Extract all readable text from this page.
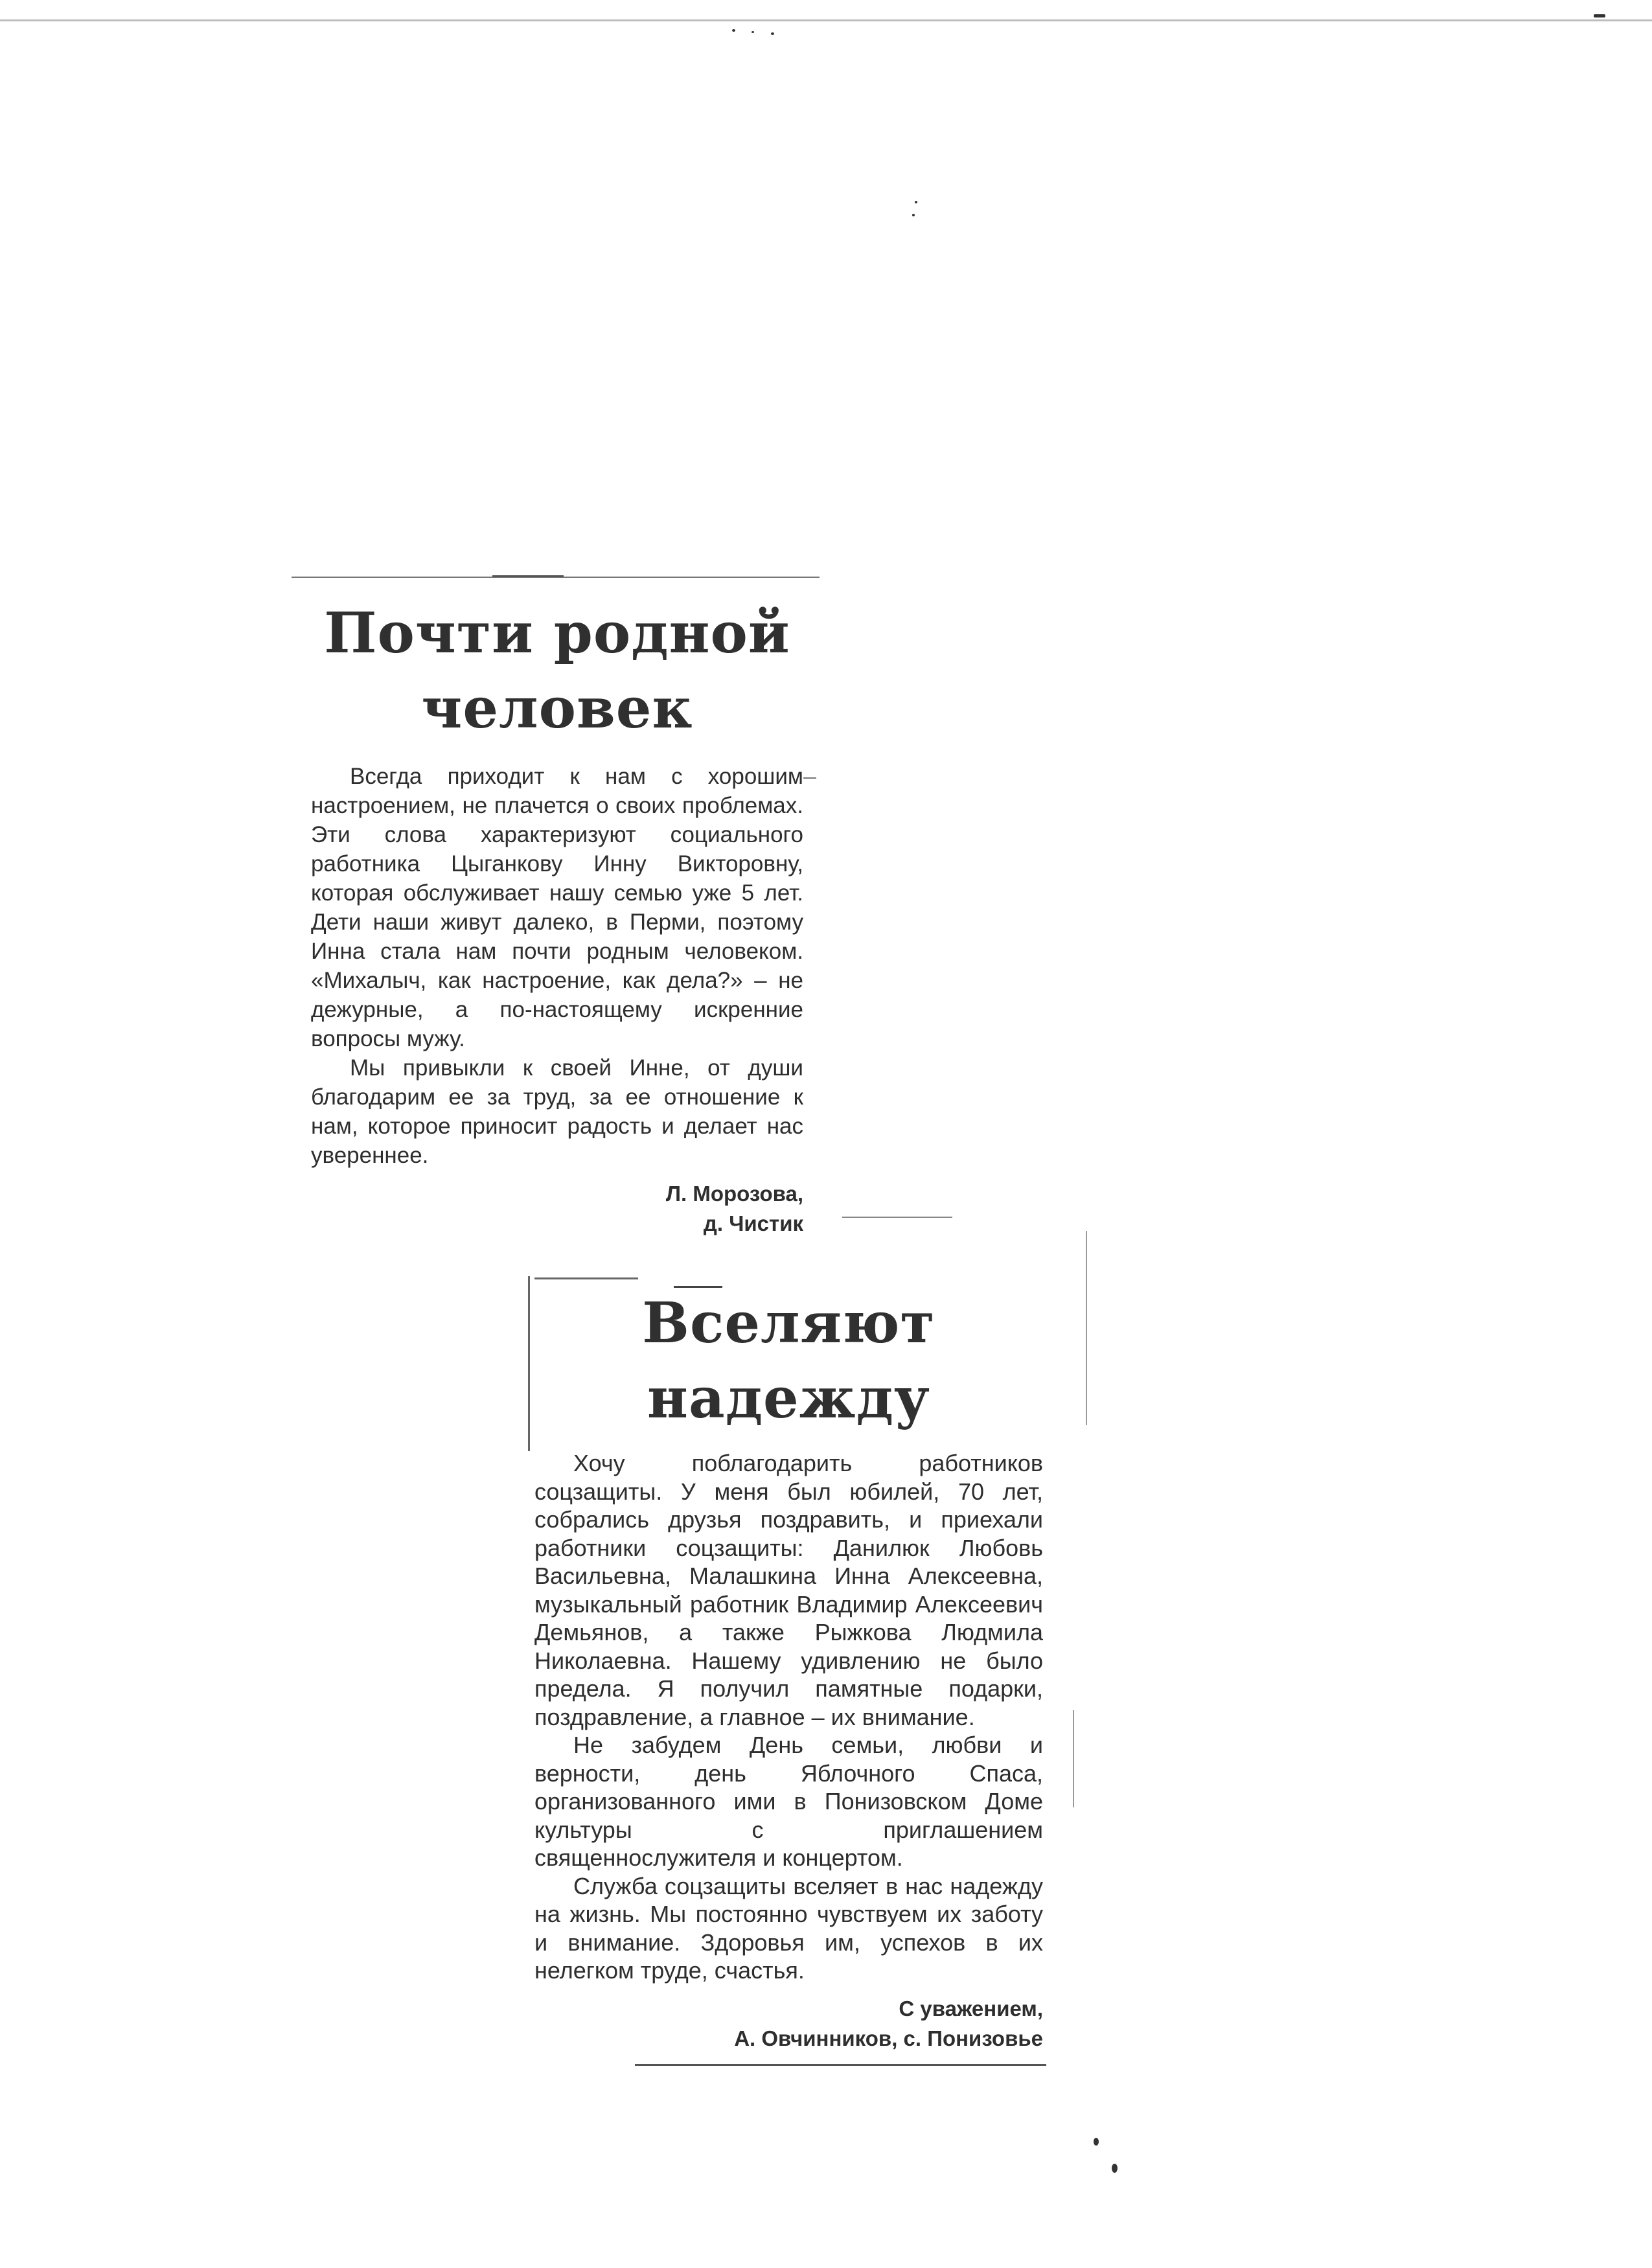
Почти родной
человек

Всегда приходит к нам с хорошим настроением, не плачется о своих проблемах. Эти слова характеризуют социального работника Цыганкову Инну Викторовну, которая обслуживает нашу семью уже 5 лет. Дети наши живут далеко, в Перми, поэтому Инна стала нам почти родным человеком. «Михалыч, как настроение, как дела?» – не дежурные, а по-настоящему искренние вопросы мужу.

Мы привыкли к своей Инне, от души благодарим ее за труд, за ее отношение к нам, которое приносит радость и делает нас увереннее.

Л. Морозова,
д. Чистик
Вселяют
надежду

Хочу поблагодарить работников соцзащиты. У меня был юбилей, 70 лет, собрались друзья поздравить, и приехали работники соцзащиты: Данилюк Любовь Васильевна, Малашкина Инна Алексеевна, музыкальный работник Владимир Алексеевич Демьянов, а также Рыжкова Людмила Николаевна. Нашему удивлению не было предела. Я получил памятные подарки, поздравление, а главное – их внимание.

Не забудем День семьи, любви и верности, день Яблочного Спаса, организованного ими в Понизовском Доме культуры с приглашением священнослужителя и концертом.

Служба соцзащиты вселяет в нас надежду на жизнь. Мы постоянно чувствуем их заботу и внимание. Здоровья им, успехов в их нелегком труде, счастья.

С уважением,
А. Овчинников, с. Понизовье
